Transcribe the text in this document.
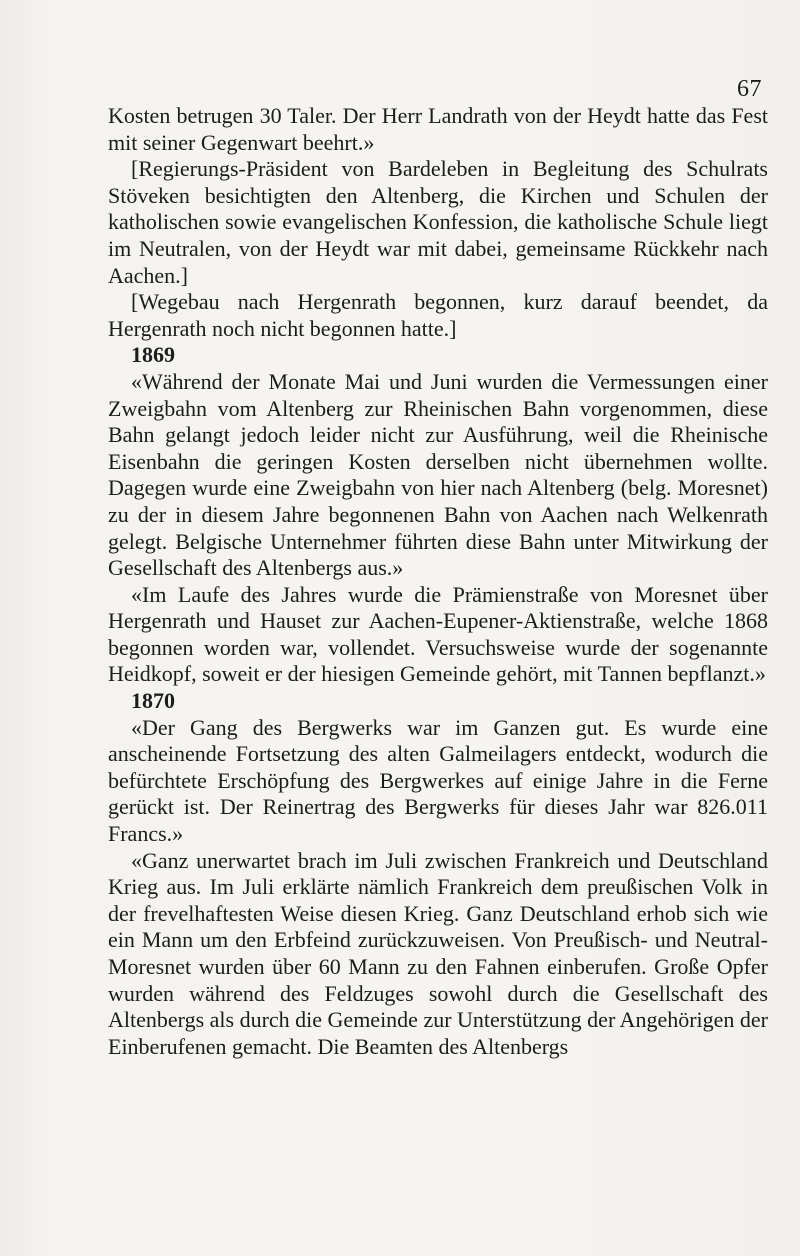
67

Kosten betrugen 30 Taler. Der Herr Landrath von der Heydt hatte das Fest mit seiner Gegenwart beehrt.»

[Regierungs-Präsident von Bardeleben in Begleitung des Schulrats Stöveken besichtigten den Altenberg, die Kirchen und Schulen der katholischen sowie evangelischen Konfession, die katholische Schule liegt im Neutralen, von der Heydt war mit dabei, gemeinsame Rückkehr nach Aachen.]

[Wegebau nach Hergenrath begonnen, kurz darauf beendet, da Hergenrath noch nicht begonnen hatte.]

1869

«Während der Monate Mai und Juni wurden die Vermessungen einer Zweigbahn vom Altenberg zur Rheinischen Bahn vorgenommen, diese Bahn gelangt jedoch leider nicht zur Ausführung, weil die Rheinische Eisenbahn die geringen Kosten derselben nicht übernehmen wollte. Dagegen wurde eine Zweigbahn von hier nach Altenberg (belg. Moresnet) zu der in diesem Jahre begonnenen Bahn von Aachen nach Welkenrath gelegt. Belgische Unternehmer führten diese Bahn unter Mitwirkung der Gesellschaft des Altenbergs aus.»

«Im Laufe des Jahres wurde die Prämienstraße von Moresnet über Hergenrath und Hauset zur Aachen-Eupener-Aktienstraße, welche 1868 begonnen worden war, vollendet. Versuchsweise wurde der sogenannte Heidkopf, soweit er der hiesigen Gemeinde gehört, mit Tannen bepflanzt.»

1870

«Der Gang des Bergwerks war im Ganzen gut. Es wurde eine anscheinende Fortsetzung des alten Galmeilagers entdeckt, wodurch die befürchtete Erschöpfung des Bergwerkes auf einige Jahre in die Ferne gerückt ist. Der Reinertrag des Bergwerks für dieses Jahr war 826.011 Francs.»

«Ganz unerwartet brach im Juli zwischen Frankreich und Deutschland Krieg aus. Im Juli erklärte nämlich Frankreich dem preußischen Volk in der frevelhaftesten Weise diesen Krieg. Ganz Deutschland erhob sich wie ein Mann um den Erbfeind zurückzuweisen. Von Preußisch- und Neutral-Moresnet wurden über 60 Mann zu den Fahnen einberufen. Große Opfer wurden während des Feldzuges sowohl durch die Gesellschaft des Altenbergs als durch die Gemeinde zur Unterstützung der Angehörigen der Einberufenen gemacht. Die Beamten des Altenbergs
